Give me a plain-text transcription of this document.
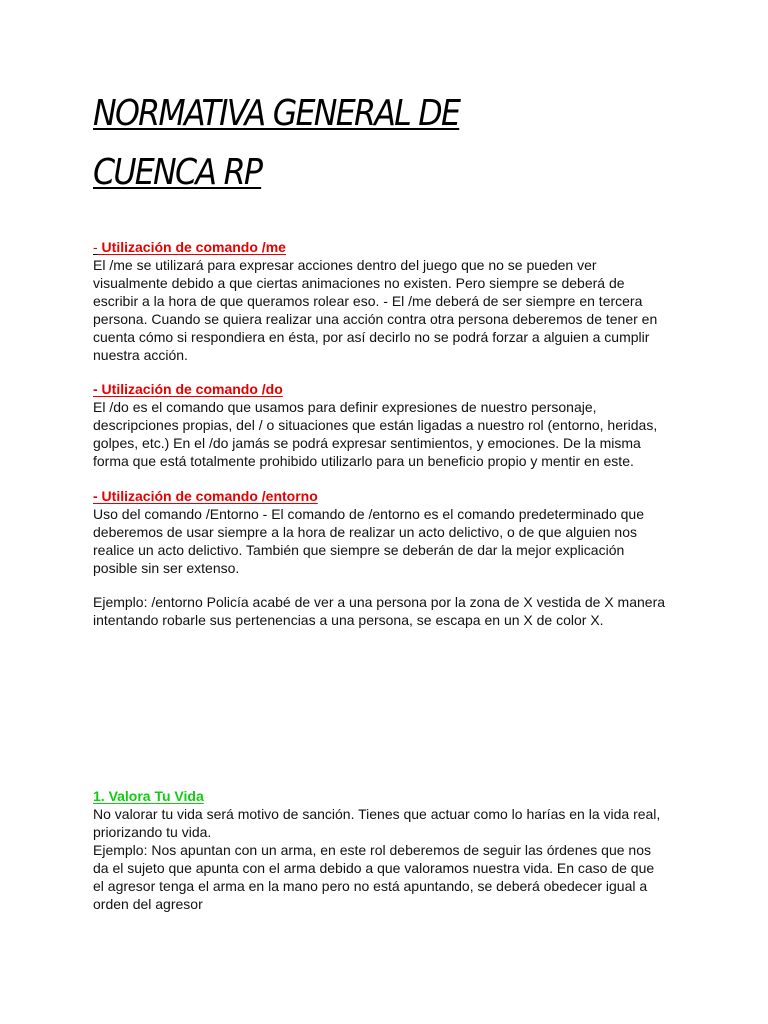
NORMATIVA GENERAL DE
CUENCA RP

- Utilización de comando /me

El /me se utilizará para expresar acciones dentro del juego que no se pueden ver
visualmente debido a que ciertas animaciones no existen. Pero siempre se deberá de
escribir a la hora de que queramos rolear eso. - El /me deberá de ser siempre en tercera
persona. Cuando se quiera realizar una acción contra otra persona deberemos de tener en
cuenta cómo si respondiera en ésta, por así decirlo no se podrá forzar a alguien a cumplir
nuestra acción.

- Utilización de comando /do

El /do es el comando que usamos para definir expresiones de nuestro personaje,
descripciones propias, del / o situaciones que están ligadas a nuestro rol (entorno, heridas,
golpes, etc.) En el /do jamás se podrá expresar sentimientos, y emociones. De la misma
forma que está totalmente prohibido utilizarlo para un beneficio propio y mentir en este.

- Utilización de comando /entorno

Uso del comando /Entorno - El comando de /entorno es el comando predeterminado que
deberemos de usar siempre a la hora de realizar un acto delictivo, o de que alguien nos
realice un acto delictivo. También que siempre se deberán de dar la mejor explicación
posible sin ser extenso.

Ejemplo: /entorno Policía acabé de ver a una persona por la zona de X vestida de X manera
intentando robarle sus pertenencias a una persona, se escapa en un X de color X.

1. Valora Tu Vida

No valorar tu vida será motivo de sanción. Tienes que actuar como lo harías en la vida real,
priorizando tu vida.
Ejemplo: Nos apuntan con un arma, en este rol deberemos de seguir las órdenes que nos
da el sujeto que apunta con el arma debido a que valoramos nuestra vida. En caso de que
el agresor tenga el arma en la mano pero no está apuntando, se deberá obedecer igual a
orden del agresor
